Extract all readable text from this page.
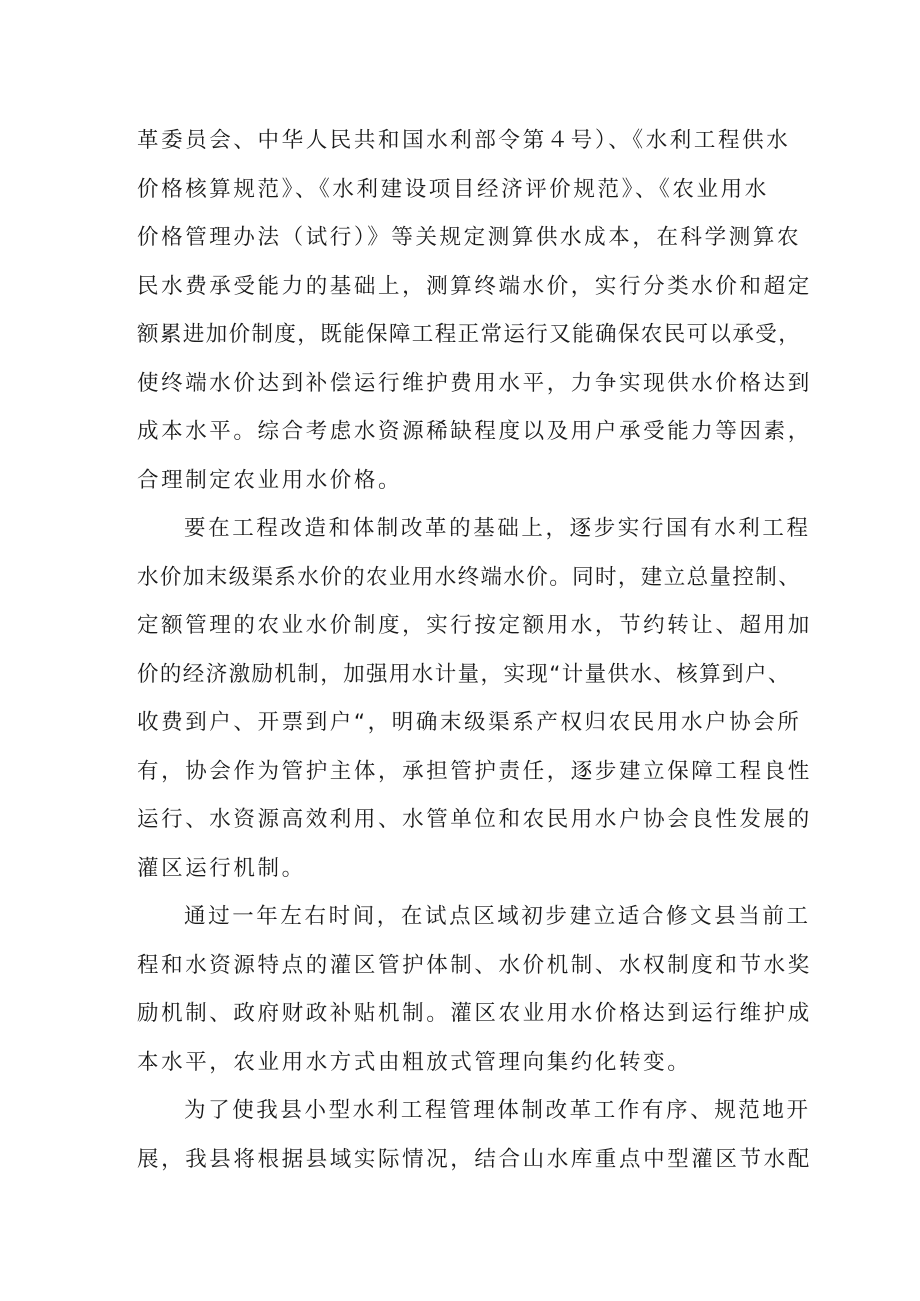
革委员会、中华人民共和国水利部令第４号）、《水利工程供水
价格核算规范》、《水利建设项目经济评价规范》、《农业用水
价格管理办法（试行）》等关规定测算供水成本，在科学测算农
民水费承受能力的基础上，测算终端水价，实行分类水价和超定
额累进加价制度，既能保障工程正常运行又能确保农民可以承受，
使终端水价达到补偿运行维护费用水平，力争实现供水价格达到
成本水平。综合考虑水资源稀缺程度以及用户承受能力等因素，
合理制定农业用水价格。
要在工程改造和体制改革的基础上，逐步实行国有水利工程
水价加末级渠系水价的农业用水终端水价。同时，建立总量控制、
定额管理的农业水价制度，实行按定额用水，节约转让、超用加
价的经济激励机制，加强用水计量，实现“计量供水、核算到户、
收费到户、开票到户“，明确末级渠系产权归农民用水户协会所
有，协会作为管护主体，承担管护责任，逐步建立保障工程良性
运行、水资源高效利用、水管单位和农民用水户协会良性发展的
灌区运行机制。
通过一年左右时间，在试点区域初步建立适合修文县当前工
程和水资源特点的灌区管护体制、水价机制、水权制度和节水奖
励机制、政府财政补贴机制。灌区农业用水价格达到运行维护成
本水平，农业用水方式由粗放式管理向集约化转变。
为了使我县小型水利工程管理体制改革工作有序、规范地开
展，我县将根据县域实际情况，结合山水库重点中型灌区节水配
